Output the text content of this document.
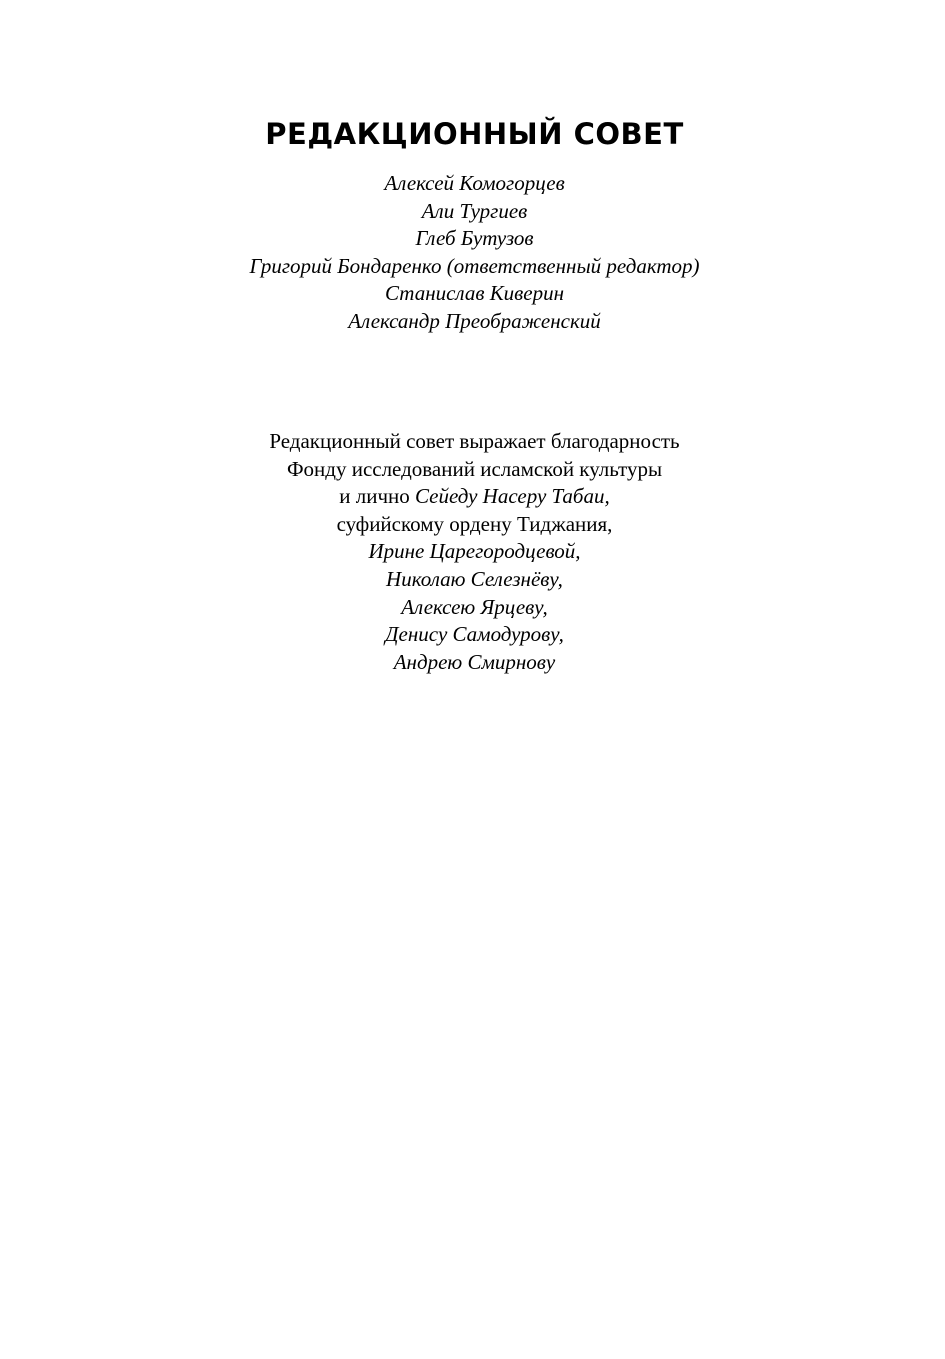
РЕДАКЦИОННЫЙ СОВЕТ
Алексей Комогорцев
Али Тургиев
Глеб Бутузов
Григорий Бондаренко (ответственный редактор)
Станислав Киверин
Александр Преображенский
Редакционный совет выражает благодарность
Фонду исследований исламской культуры
и лично Сейеду Насеру Табаи,
суфийскому ордену Тиджания,
Ирине Царегородцевой,
Николаю Селезнёву,
Алексею Ярцеву,
Денису Самодурову,
Андрею Смирнову
